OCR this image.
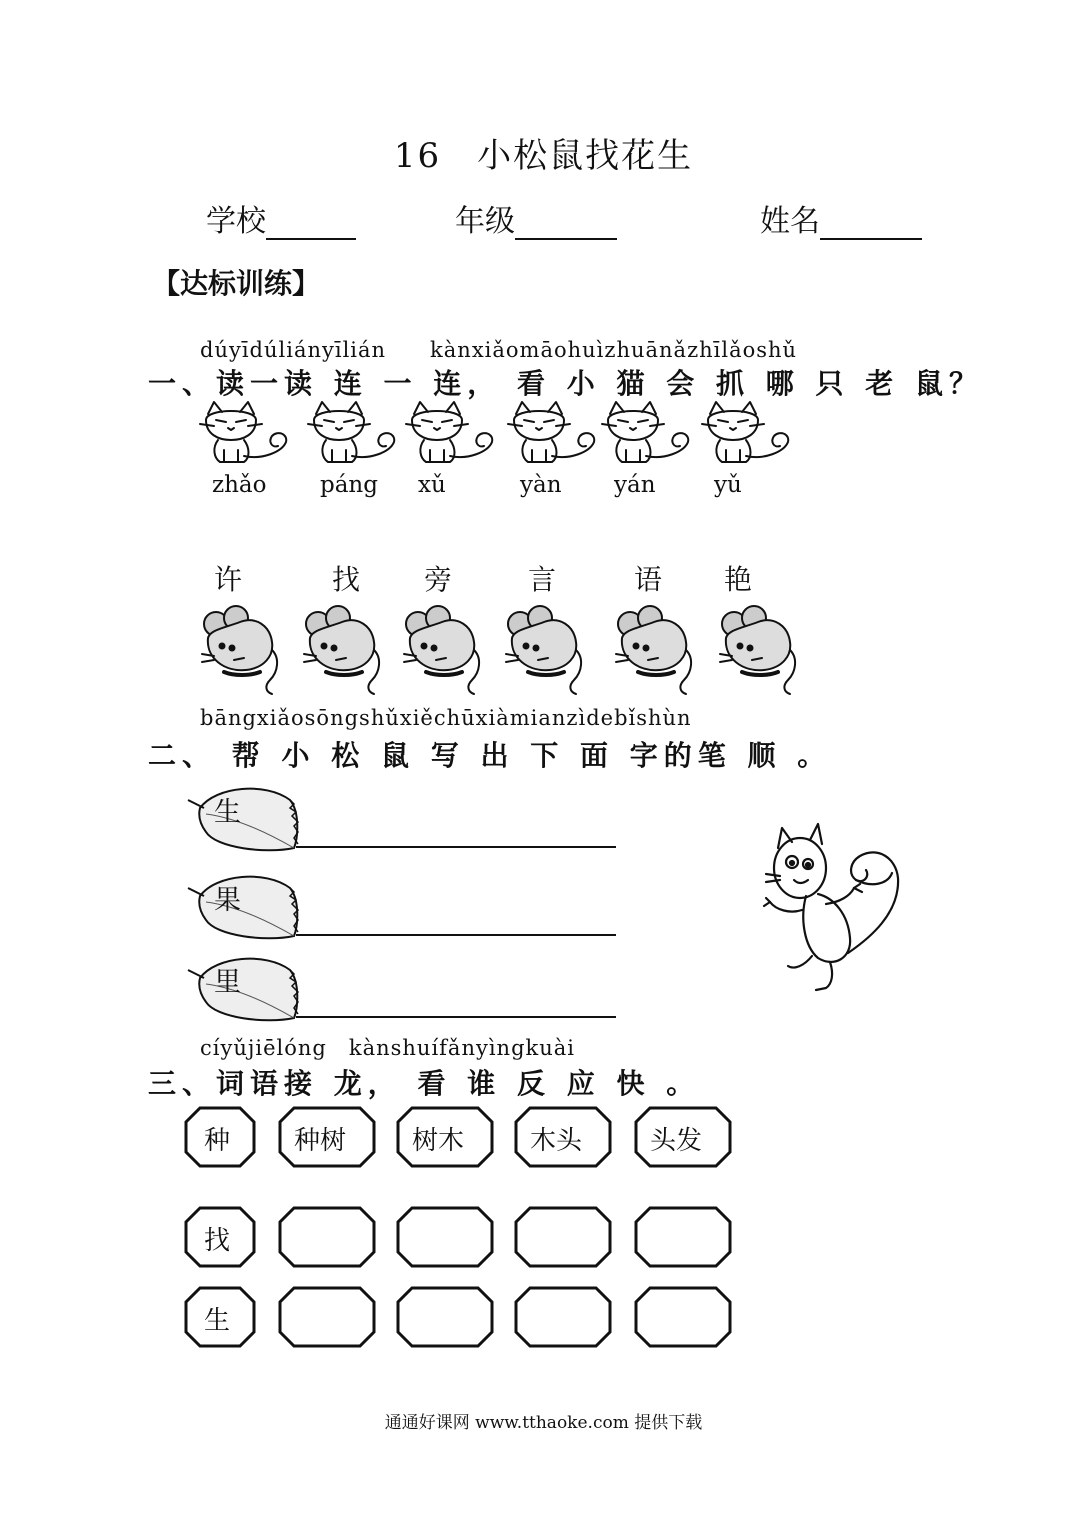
16　小松鼠找花生
学校	年级	姓名
【达标训练】
dúyīdúliányīlián　　kànxiǎomāohuìzhuānǎzhīlǎoshǔ
一、读一读 连 一 连， 看 小 猫 会 抓 哪 只 老 鼠？
bāngxiǎosōngshǔxiěchūxiàmianzìdebǐshùn
二、 帮 小 松 鼠 写 出 下 面 字的笔 顺 。
cíyǔjiēlóng　kànshuífǎnyìngkuài
三、词语接 龙， 看 谁 反 应 快 。
通通好课网 www.tthaoke.com 提供下载
zhǎo páng xǔ	yàn yán	yǔ
许	找 旁	言	语 艳
生
果
里
种	种树	树木	木头	头发
找
生
